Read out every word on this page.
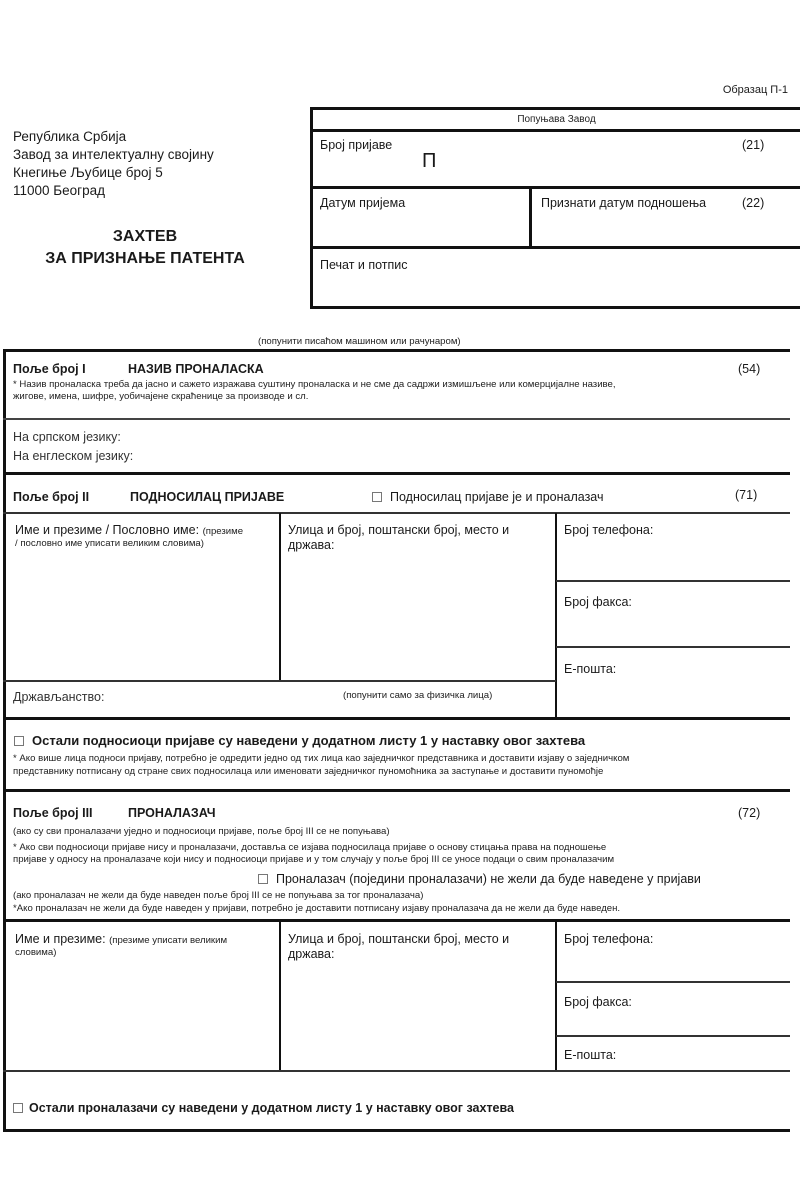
Образац П-1
Република Србија
Завод за интелектуалну својину
Кнегиње Љубице број 5
11000 Београд
ЗАХТЕВ
ЗА ПРИЗНАЊЕ ПАТЕНТА
Попуњава Завод
Број пријаве
П
(21)
Датум пријема	Признати датум подношења	(22)
Печат и потпис
(попунити писаћом машином или рачунаром)
Поље број I	НАЗИВ ПРОНАЛАСКА	(54)
* Назив проналаска треба да јасно и сажето изражава суштину проналаска и не сме да садржи измишљене или комерцијалне називе,
жигове, имена, шифре, уобичајене скраћенице за производе и сл.
На српском језику:
На енглеском језику:
Поље број II	ПОДНОСИЛАЦ ПРИЈАВЕ	Подносилац пријаве је и проналазач	(71)
Име и презиме / Пословно име: (презиме
/ пословно име уписати великим словима)
Улица и број, поштански број, место и
држава:
Број телефона:
Број факса:
Е-пошта:
Држављанство:	(попунити само за физичка лица)
Остали подносиоци пријаве су наведени у додатном листу 1 у наставку овог захтева
* Ако више лица подноси пријаву, потребно је одредити једно од тих лица као заједничког представника и доставити изјаву о заједничком
представнику потписану од стране свих подносилаца или именовати заједничког пуномоћника за заступање и доставити пуномоћје
Поље број III	ПРОНАЛАЗАЧ	(72)
(ако су сви проналазачи уједно и подносиоци пријаве, поље број III се не попуњава)
* Ако сви подносиоци пријаве нису и проналазачи, доставља се изјава подносилаца пријаве о основу стицања права на подношење
пријаве у односу на проналазаче који нису и подносиоци пријаве и у том случају у поље број III се уносе подаци о свим проналазачим
Проналазач (поједини проналазачи) не жели да буде наведене у пријави
(ако проналазач не жели да буде наведен поље број III се не попуњава за тог проналазача)
*Ако проналазач не жели да буде наведен у пријави, потребно је доставити потписану изјаву проналазача да не жели да буде наведен.
Име и презиме: (презиме уписати великим
словима)
Улица и број, поштански број, место и
држава:
Број телефона:
Број факса:
Е-пошта:
Остали проналазачи су наведени у додатном листу 1 у наставку овог захтева
